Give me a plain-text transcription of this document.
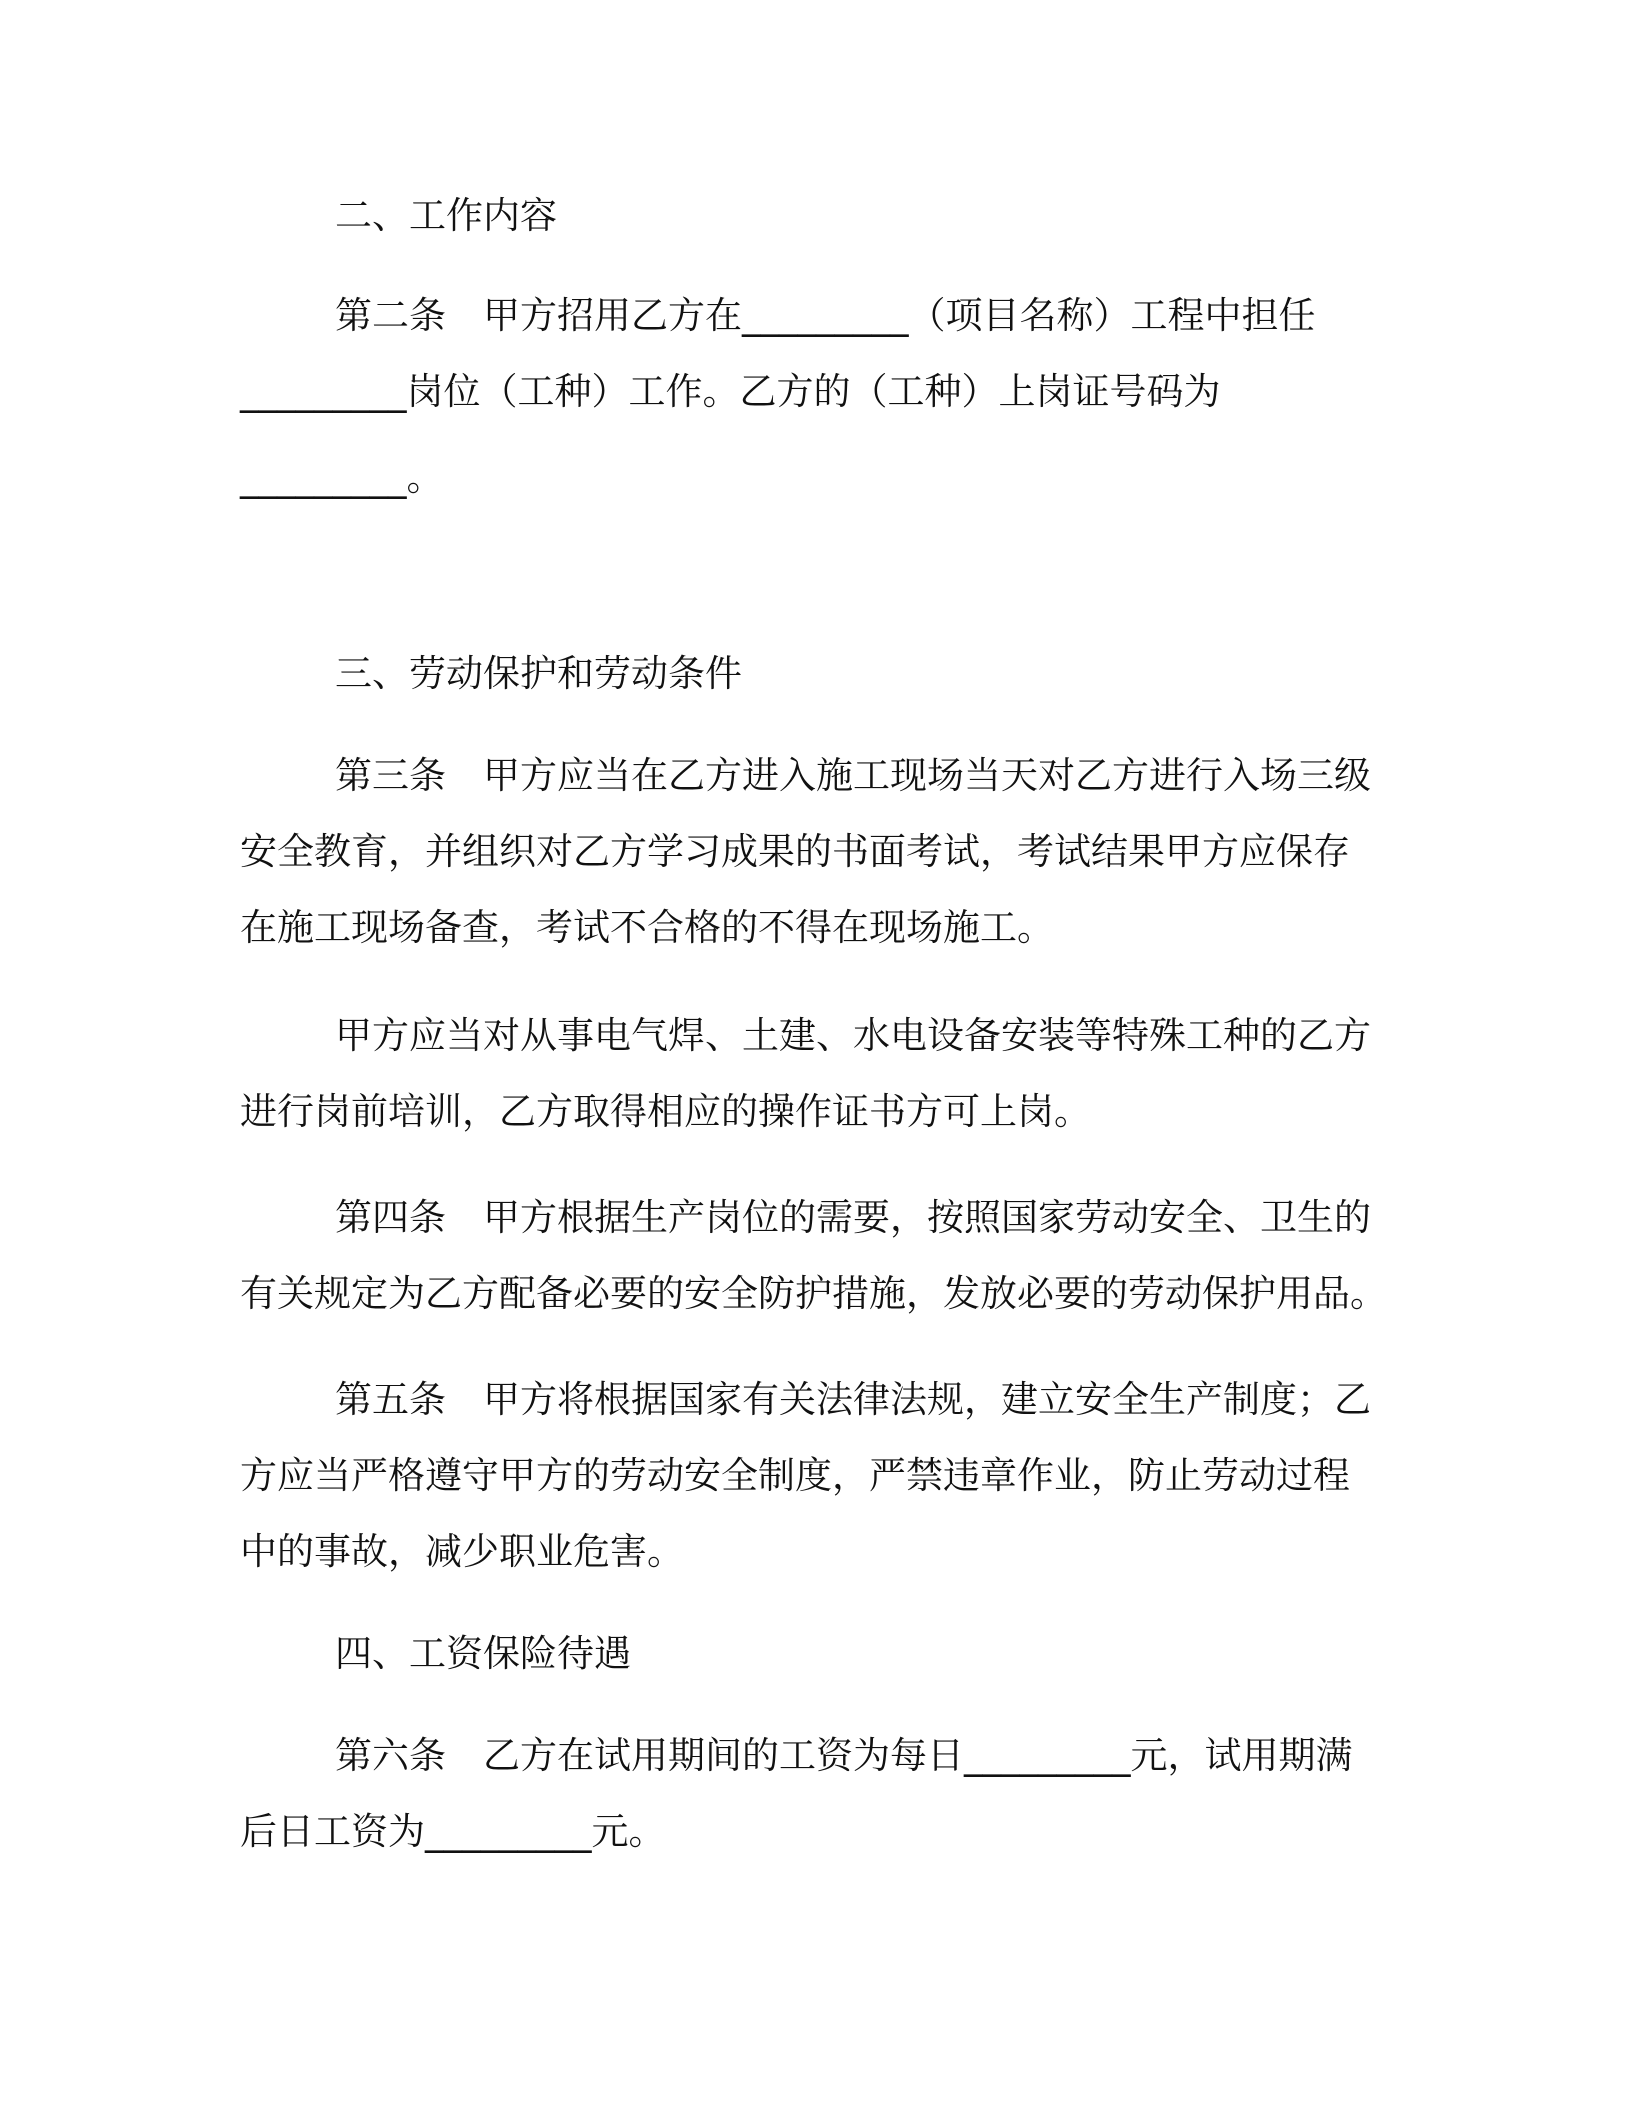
二、工作内容

第二条　甲方招用乙方在_________（项目名称）工程中担任

_________岗位（工种）工作。乙方的（工种）上岗证号码为

_________。

三、劳动保护和劳动条件

第三条　甲方应当在乙方进入施工现场当天对乙方进行入场三级

安全教育，并组织对乙方学习成果的书面考试，考试结果甲方应保存

在施工现场备查，考试不合格的不得在现场施工。

甲方应当对从事电气焊、土建、水电设备安装等特殊工种的乙方

进行岗前培训，乙方取得相应的操作证书方可上岗。

第四条　甲方根据生产岗位的需要，按照国家劳动安全、卫生的

有关规定为乙方配备必要的安全防护措施，发放必要的劳动保护用品。

第五条　甲方将根据国家有关法律法规，建立安全生产制度；乙

方应当严格遵守甲方的劳动安全制度，严禁违章作业，防止劳动过程

中的事故，减少职业危害。

四、工资保险待遇

第六条　乙方在试用期间的工资为每日_________元，试用期满

后日工资为_________元。
